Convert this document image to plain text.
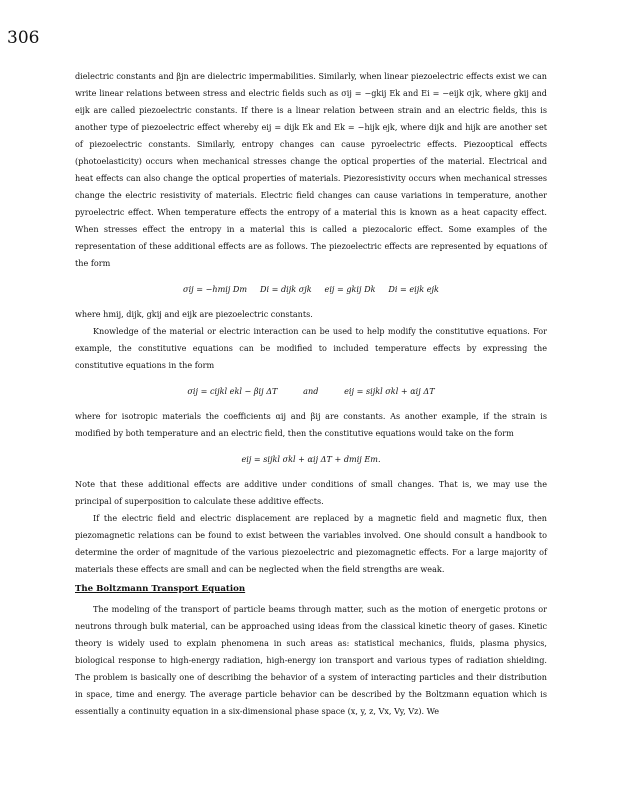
306

dielectric constants and βjn are dielectric impermabilities. Similarly, when linear piezoelectric effects exist we can write linear relations between stress and electric fields such as σij = −gkij Ek and Ei = −eijk σjk, where gkij and eijk are called piezoelectric constants. If there is a linear relation between strain and an electric fields, this is another type of piezoelectric effect whereby eij = dijk Ek and Ek = −hijk ejk, where dijk and hijk are another set of piezoelectric constants. Similarly, entropy changes can cause pyroelectric effects. Piezooptical effects (photoelasticity) occurs when mechanical stresses change the optical properties of the material. Electrical and heat effects can also change the optical properties of materials. Piezoresistivity occurs when mechanical stresses change the electric resistivity of materials. Electric field changes can cause variations in temperature, another pyroelectric effect. When temperature effects the entropy of a material this is known as a heat capacity effect. When stresses effect the entropy in a material this is called a piezocaloric effect. Some examples of the representation of these additional effects are as follows. The piezoelectric effects are represented by equations of the form

σij = −hmij Dm     Di = dijk σjk     eij = gkij Dk     Di = eijk ejk

where hmij, dijk, gkij and eijk are piezoelectric constants.

Knowledge of the material or electric interaction can be used to help modify the constitutive equations. For example, the constitutive equations can be modified to included temperature effects by expressing the constitutive equations in the form

σij = cijkl ekl − βij ΔT          and          eij = sijkl σkl + αij ΔT

where for isotropic materials the coefficients αij and βij are constants. As another example, if the strain is modified by both temperature and an electric field, then the constitutive equations would take on the form

eij = sijkl σkl + αij ΔT + dmij Em.

Note that these additional effects are additive under conditions of small changes. That is, we may use the principal of superposition to calculate these additive effects.

If the electric field and electric displacement are replaced by a magnetic field and magnetic flux, then piezomagnetic relations can be found to exist between the variables involved. One should consult a handbook to determine the order of magnitude of the various piezoelectric and piezomagnetic effects. For a large majority of materials these effects are small and can be neglected when the field strengths are weak.

The Boltzmann Transport Equation

The modeling of the transport of particle beams through matter, such as the motion of energetic protons or neutrons through bulk material, can be approached using ideas from the classical kinetic theory of gases. Kinetic theory is widely used to explain phenomena in such areas as: statistical mechanics, fluids, plasma physics, biological response to high-energy radiation, high-energy ion transport and various types of radiation shielding. The problem is basically one of describing the behavior of a system of interacting particles and their distribution in space, time and energy. The average particle behavior can be described by the Boltzmann equation which is essentially a continuity equation in a six-dimensional phase space (x, y, z, Vx, Vy, Vz). We
